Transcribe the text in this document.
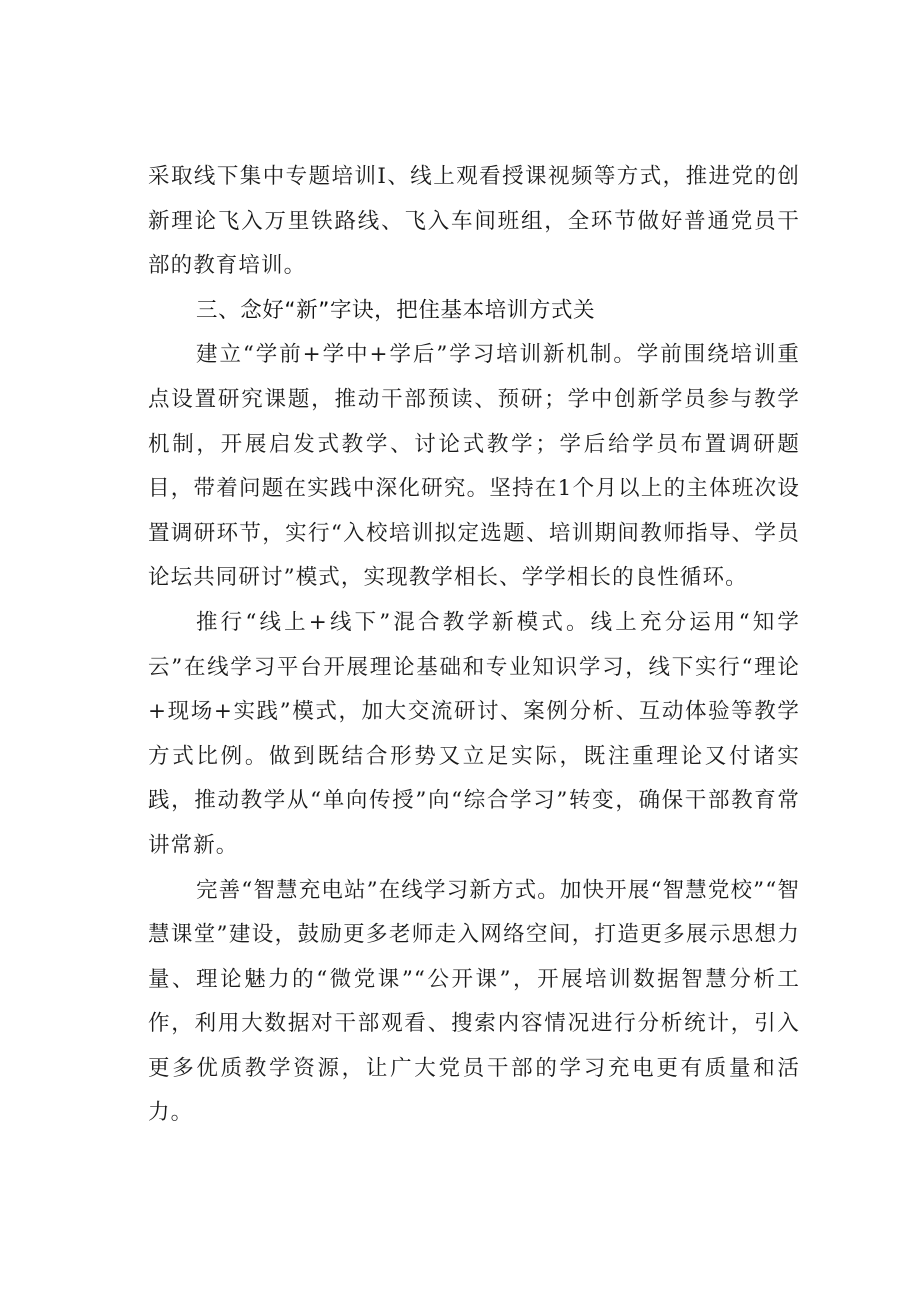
采取线下集中专题培训I、线上观看授课视频等方式，推进党的创新理论飞入万里铁路线、飞入车间班组，全环节做好普通党员干部的教育培训。

三、念好“新”字诀，把住基本培训方式关

建立“学前+学中+学后”学习培训新机制。学前围绕培训重点设置研究课题，推动干部预读、预研；学中创新学员参与教学机制，开展启发式教学、讨论式教学；学后给学员布置调研题目，带着问题在实践中深化研究。坚持在1个月以上的主体班次设置调研环节，实行“入校培训拟定选题、培训期间教师指导、学员论坛共同研讨”模式，实现教学相长、学学相长的良性循环。

推行“线上+线下”混合教学新模式。线上充分运用“知学云”在线学习平台开展理论基础和专业知识学习，线下实行“理论+现场+实践”模式，加大交流研讨、案例分析、互动体验等教学方式比例。做到既结合形势又立足实际，既注重理论又付诸实践，推动教学从“单向传授”向“综合学习”转变，确保干部教育常讲常新。

完善“智慧充电站”在线学习新方式。加快开展“智慧党校”“智慧课堂”建设，鼓励更多老师走入网络空间，打造更多展示思想力量、理论魅力的“微党课”“公开课”，开展培训数据智慧分析工作，利用大数据对干部观看、搜索内容情况进行分析统计，引入更多优质教学资源，让广大党员干部的学习充电更有质量和活力。
